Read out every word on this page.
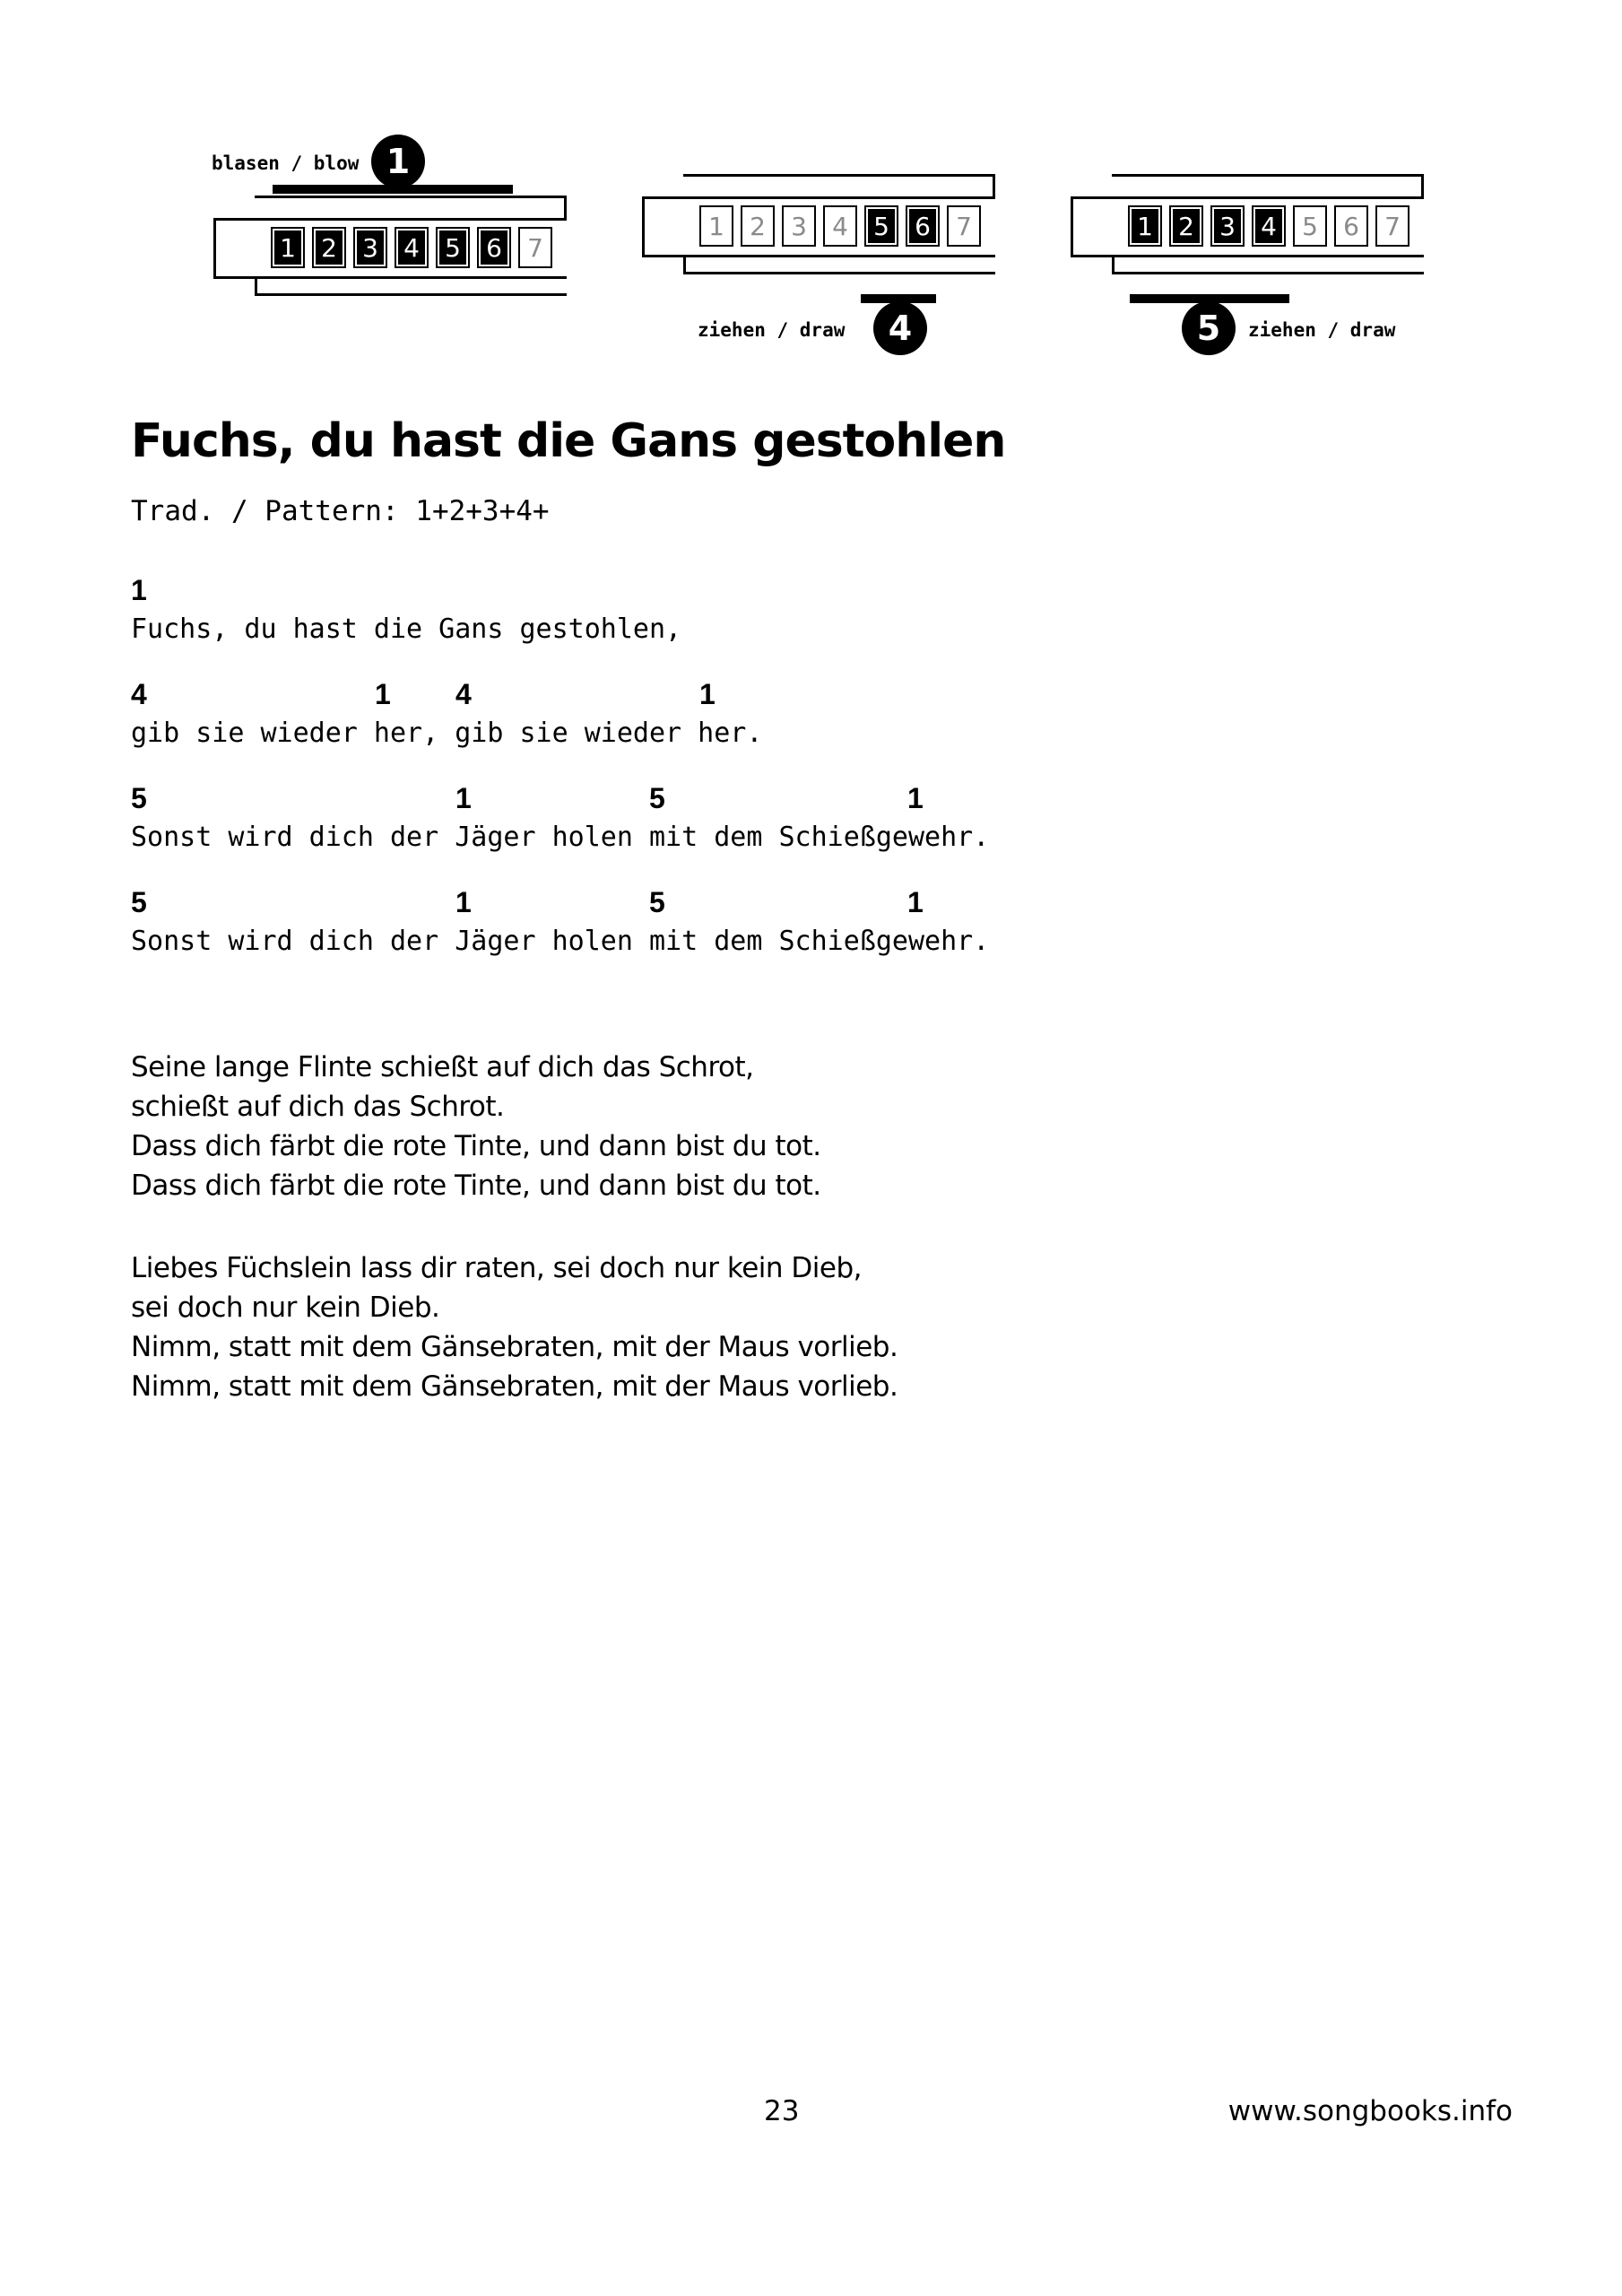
blasen / blow 1
1	2	3	4	5	6	7
1	2	3	4	5	6	7
4
ziehen / draw
1	2	3	4	5	6	7
5	ziehen / draw
Fuchs, du hast die Gans gestohlen
Trad. / Pattern: 1+2+3+4+
1
Fuchs, du hast die Gans gestohlen,
4	1 4	1
gib sie wieder her, gib sie wieder her.
5	1	5	1
Sonst wird dich der Jäger holen mit dem Schießgewehr.
5	1	5	1
Sonst wird dich der Jäger holen mit dem Schießgewehr.
Seine lange Flinte schießt auf dich das Schrot,
schießt auf dich das Schrot.
Dass dich färbt die rote Tinte, und dann bist du tot.
Dass dich färbt die rote Tinte, und dann bist du tot.
Liebes Füchslein lass dir raten, sei doch nur kein Dieb,
sei doch nur kein Dieb.
Nimm, statt mit dem Gänsebraten, mit der Maus vorlieb.
Nimm, statt mit dem Gänsebraten, mit der Maus vorlieb.
23	www.songbooks.info
